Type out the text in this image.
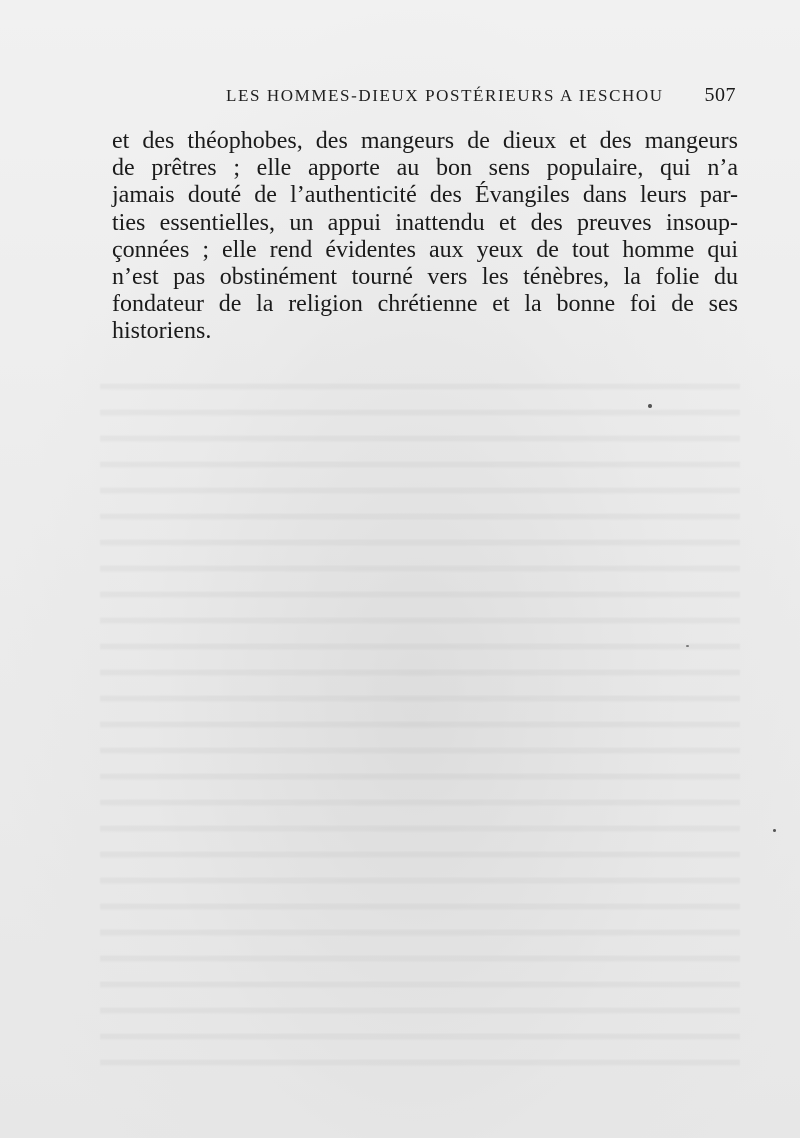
LES HOMMES-DIEUX POSTÉRIEURS A IESCHOU 507
et des théophobes, des mangeurs de dieux et des mangeurs
de prêtres ; elle apporte au bon sens populaire, qui n’a
jamais douté de l’authenticité des Évangiles dans leurs par-
ties essentielles, un appui inattendu et des preuves insoup-
çonnées ; elle rend évidentes aux yeux de tout homme qui
n’est pas obstinément tourné vers les ténèbres, la folie du
fondateur de la religion chrétienne et la bonne foi de ses
historiens.
